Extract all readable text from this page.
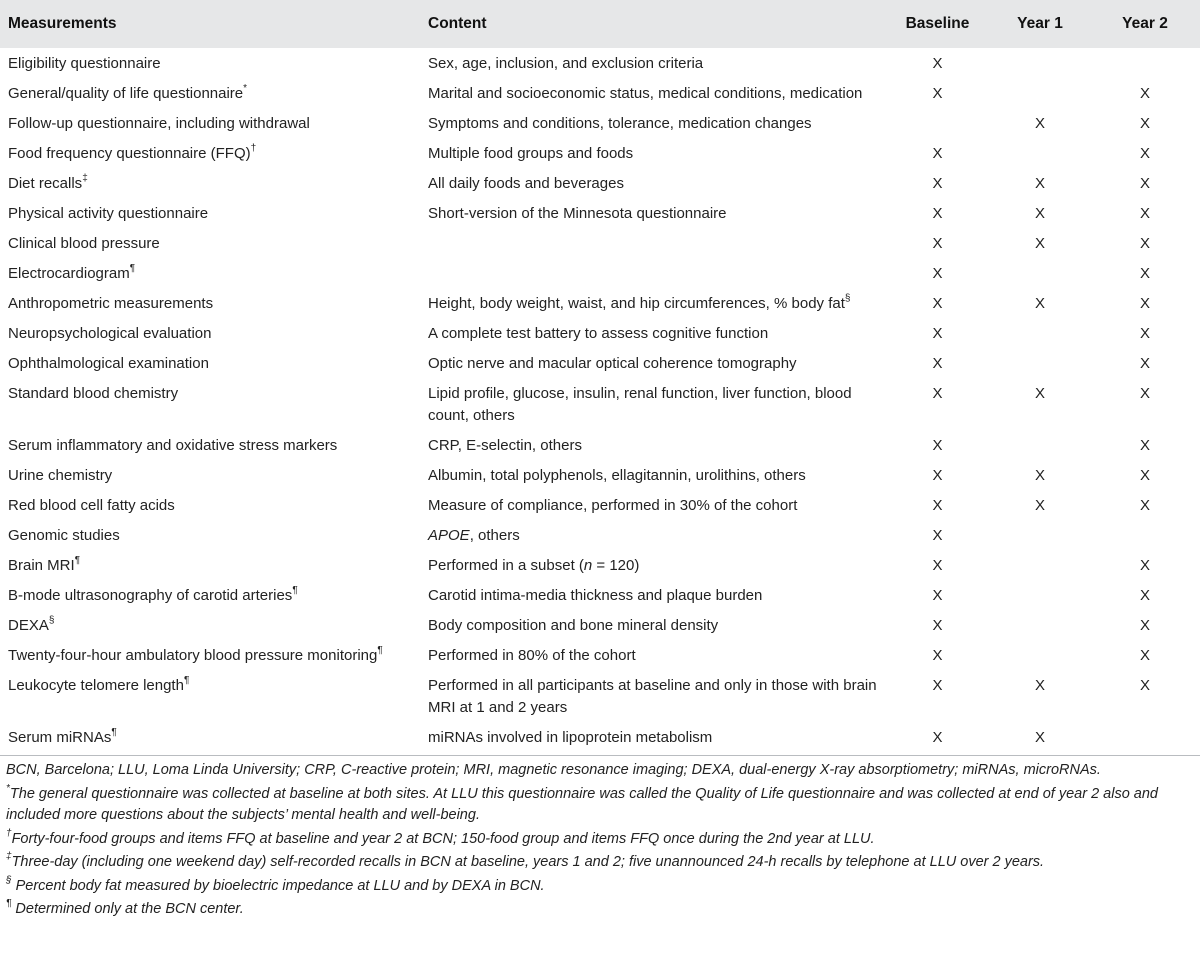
Measurements	Content	Baseline	Year 1	Year 2
Eligibility questionnaire	Sex, age, inclusion, and exclusion criteria	X		
General/quality of life questionnaire*	Marital and socioeconomic status, medical conditions, medication	X		X
Follow-up questionnaire, including withdrawal	Symptoms and conditions, tolerance, medication changes		X	X
Food frequency questionnaire (FFQ)†	Multiple food groups and foods	X		X
Diet recalls‡	All daily foods and beverages	X	X	X
Physical activity questionnaire	Short-version of the Minnesota questionnaire	X	X	X
Clinical blood pressure		X	X	X
Electrocardiogram¶		X		X
Anthropometric measurements	Height, body weight, waist, and hip circumferences, % body fat§	X	X	X
Neuropsychological evaluation	A complete test battery to assess cognitive function	X		X
Ophthalmological examination	Optic nerve and macular optical coherence tomography	X		X
Standard blood chemistry	Lipid profile, glucose, insulin, renal function, liver function, blood count, others	X	X	X
Serum inflammatory and oxidative stress markers	CRP, E-selectin, others	X		X
Urine chemistry	Albumin, total polyphenols, ellagitannin, urolithins, others	X	X	X
Red blood cell fatty acids	Measure of compliance, performed in 30% of the cohort	X	X	X
Genomic studies	APOE, others	X		
Brain MRI¶	Performed in a subset (n = 120)	X		X
B-mode ultrasonography of carotid arteries¶	Carotid intima-media thickness and plaque burden	X		X
DEXA§	Body composition and bone mineral density	X		X
Twenty-four-hour ambulatory blood pressure monitoring¶	Performed in 80% of the cohort	X		X
Leukocyte telomere length¶	Performed in all participants at baseline and only in those with brain MRI at 1 and 2 years	X	X	X
Serum miRNAs¶	miRNAs involved in lipoprotein metabolism	X	X	

BCN, Barcelona; LLU, Loma Linda University; CRP, C-reactive protein; MRI, magnetic resonance imaging; DEXA, dual-energy X-ray absorptiometry; miRNAs, microRNAs.

*The general questionnaire was collected at baseline at both sites. At LLU this questionnaire was called the Quality of Life questionnaire and was collected at end of year 2 also and included more questions about the subjects’ mental health and well-being.

†Forty-four-food groups and items FFQ at baseline and year 2 at BCN; 150-food group and items FFQ once during the 2nd year at LLU.

‡Three-day (including one weekend day) self-recorded recalls in BCN at baseline, years 1 and 2; five unannounced 24-h recalls by telephone at LLU over 2 years.

§ Percent body fat measured by bioelectric impedance at LLU and by DEXA in BCN.

¶ Determined only at the BCN center.
